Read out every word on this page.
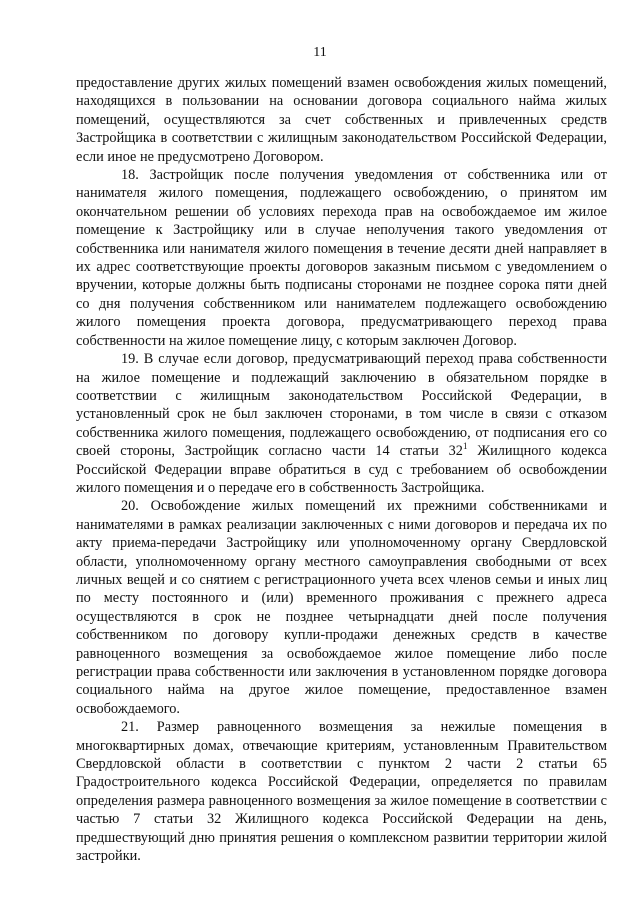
11

предоставление других жилых помещений взамен освобождения жилых помещений, находящихся в пользовании на основании договора социального найма жилых помещений, осуществляются за счет собственных и привлеченных средств Застройщика в соответствии с жилищным законодательством Российской Федерации, если иное не предусмотрено Договором.

18. Застройщик после получения уведомления от собственника или от нанимателя жилого помещения, подлежащего освобождению, о принятом им окончательном решении об условиях перехода прав на освобождаемое им жилое помещение к Застройщику или в случае неполучения такого уведомления от собственника или нанимателя жилого помещения в течение десяти дней направляет в их адрес соответствующие проекты договоров заказным письмом с уведомлением о вручении, которые должны быть подписаны сторонами не позднее сорока пяти дней со дня получения собственником или нанимателем подлежащего освобождению жилого помещения проекта договора, предусматривающего переход права собственности на жилое помещение лицу, с которым заключен Договор.

19. В случае если договор, предусматривающий переход права собственности на жилое помещение и подлежащий заключению в обязательном порядке в соответствии с жилищным законодательством Российской Федерации, в установленный срок не был заключен сторонами, в том числе в связи с отказом собственника жилого помещения, подлежащего освобождению, от подписания его со своей стороны, Застройщик согласно части 14 статьи $32^1$ Жилищного кодекса Российской Федерации вправе обратиться в суд с требованием об освобождении жилого помещения и о передаче его в собственность Застройщика.

20. Освобождение жилых помещений их прежними собственниками и нанимателями в рамках реализации заключенных с ними договоров и передача их по акту приема-передачи Застройщику или уполномоченному органу Свердловской области, уполномоченному органу местного самоуправления свободными от всех личных вещей и со снятием с регистрационного учета всех членов семьи и иных лиц по месту постоянного и (или) временного проживания с прежнего адреса осуществляются в срок не позднее четырнадцати дней после получения собственником по договору купли-продажи денежных средств в качестве равноценного возмещения за освобождаемое жилое помещение либо после регистрации права собственности или заключения в установленном порядке договора социального найма на другое жилое помещение, предоставленное взамен освобождаемого.

21. Размер равноценного возмещения за нежилые помещения в многоквартирных домах, отвечающие критериям, установленным Правительством Свердловской области в соответствии с пунктом 2 части 2 статьи 65 Градостроительного кодекса Российской Федерации, определяется по правилам определения размера равноценного возмещения за жилое помещение в соответствии с частью 7 статьи 32 Жилищного кодекса Российской Федерации на день, предшествующий дню принятия решения о комплексном развитии территории жилой застройки.
